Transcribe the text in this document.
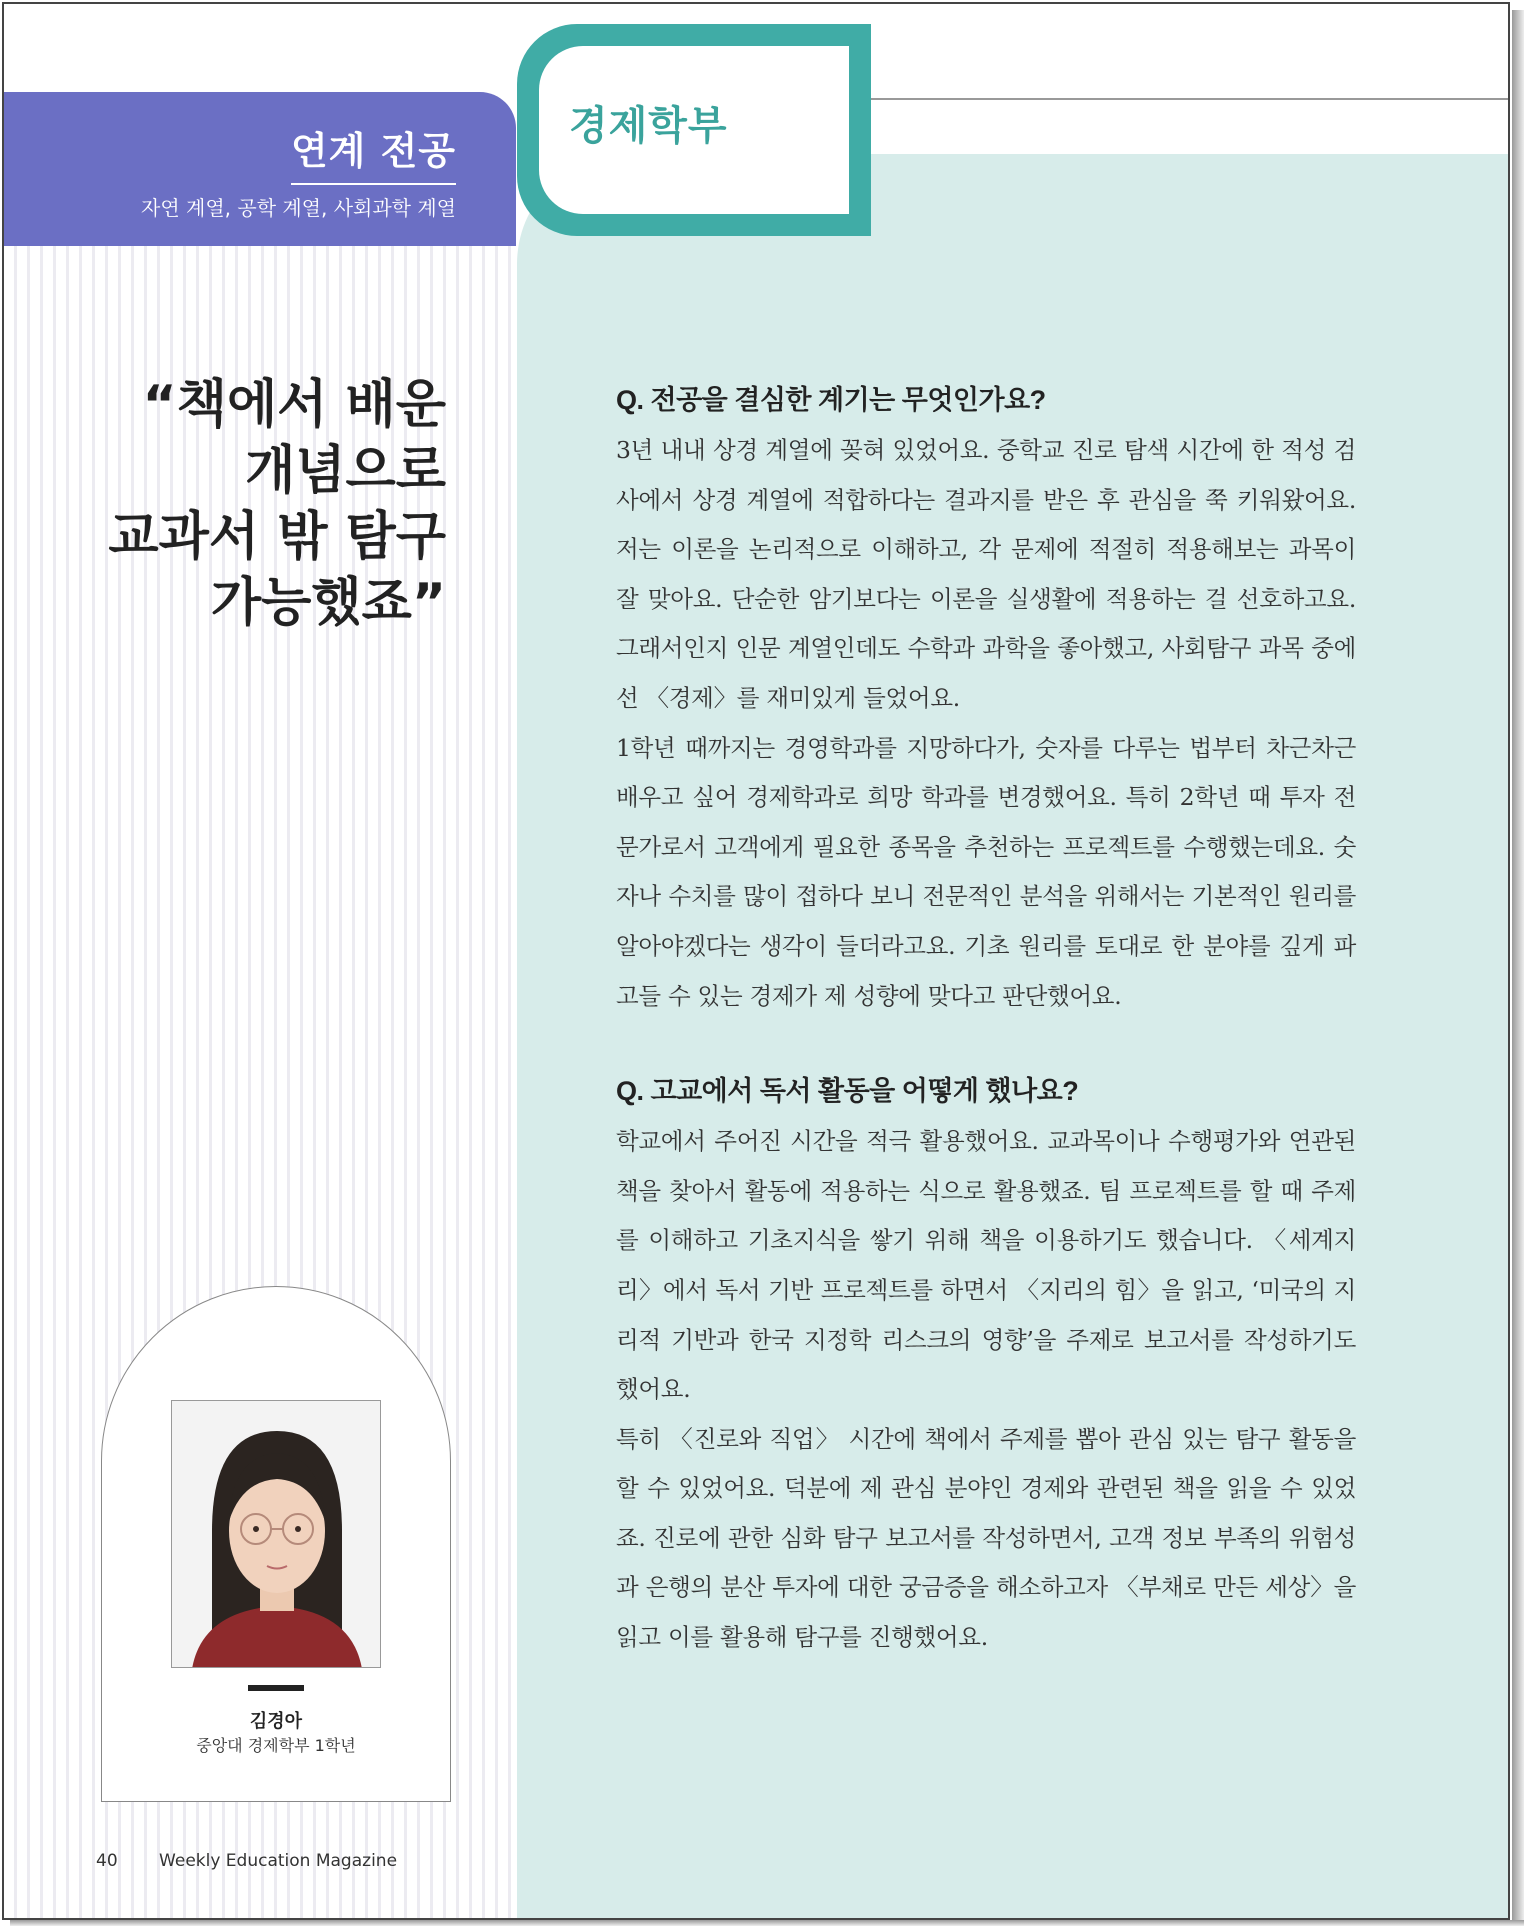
연계 전공
자연 계열, 공학 계열, 사회과학 계열
경제학부
“책에서 배운
개념으로
교과서 밖 탐구
가능했죠”
김경아
중앙대 경제학부 1학년
40 Weekly Education Magazine
Q. 전공을 결심한 계기는 무엇인가요?

3년 내내 상경 계열에 꽂혀 있었어요. 중학교 진로 탐색 시간에 한 적성 검사에서 상경 계열에 적합하다는 결과지를 받은 후 관심을 쭉 키워왔어요. 저는 이론을 논리적으로 이해하고, 각 문제에 적절히 적용해보는 과목이 잘 맞아요. 단순한 암기보다는 이론을 실생활에 적용하는 걸 선호하고요. 그래서인지 인문 계열인데도 수학과 과학을 좋아했고, 사회탐구 과목 중에선 〈경제〉를 재미있게 들었어요.

1학년 때까지는 경영학과를 지망하다가, 숫자를 다루는 법부터 차근차근 배우고 싶어 경제학과로 희망 학과를 변경했어요. 특히 2학년 때 투자 전문가로서 고객에게 필요한 종목을 추천하는 프로젝트를 수행했는데요. 숫자나 수치를 많이 접하다 보니 전문적인 분석을 위해서는 기본적인 원리를 알아야겠다는 생각이 들더라고요. 기초 원리를 토대로 한 분야를 깊게 파고들 수 있는 경제가 제 성향에 맞다고 판단했어요.

Q. 고교에서 독서 활동을 어떻게 했나요?

학교에서 주어진 시간을 적극 활용했어요. 교과목이나 수행평가와 연관된 책을 찾아서 활동에 적용하는 식으로 활용했죠. 팀 프로젝트를 할 때 주제를 이해하고 기초지식을 쌓기 위해 책을 이용하기도 했습니다. 〈세계지리〉에서 독서 기반 프로젝트를 하면서 〈지리의 힘〉을 읽고, ‘미국의 지리적 기반과 한국 지정학 리스크의 영향’을 주제로 보고서를 작성하기도 했어요.

특히 〈진로와 직업〉 시간에 책에서 주제를 뽑아 관심 있는 탐구 활동을 할 수 있었어요. 덕분에 제 관심 분야인 경제와 관련된 책을 읽을 수 있었죠. 진로에 관한 심화 탐구 보고서를 작성하면서, 고객 정보 부족의 위험성과 은행의 분산 투자에 대한 궁금증을 해소하고자 〈부채로 만든 세상〉을 읽고 이를 활용해 탐구를 진행했어요.
